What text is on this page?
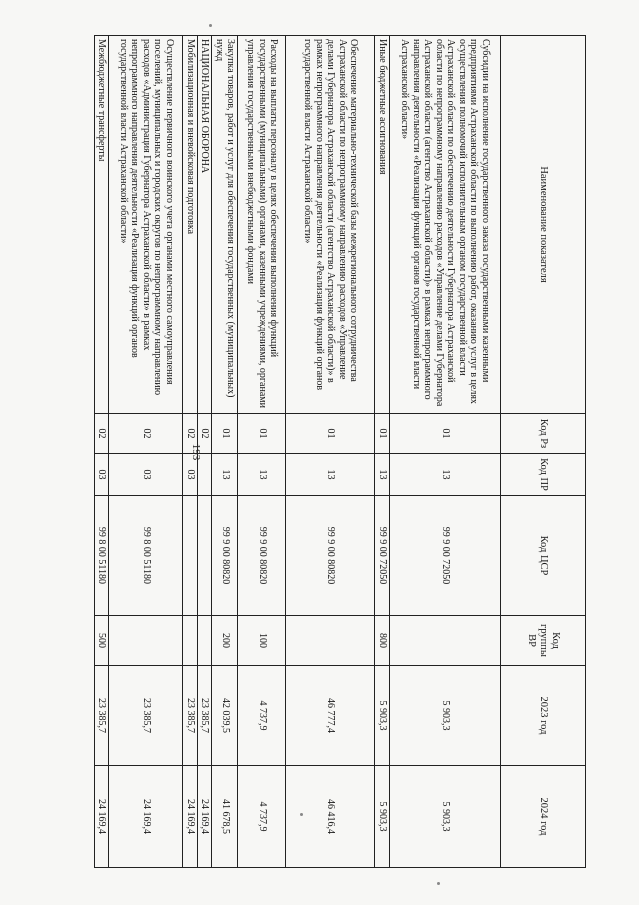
193
Наименование показателя	Код Рз	Код ПР	Код ЦСР	Код группы ВР	2023 год	2024 год
Субсидии на исполнение государственного заказа государственными казенными предприятиями Астраханской области по выполнению работ, оказанию услуг в целях осуществления полномочий исполнительным органом государственной власти Астраханской области по обеспечению деятельности Губернатора Астраханской области по непрограммному направлению расходов «Управление делами Губернатора Астраханской области (агентство Астраханской области)» в рамках непрограммного направления деятельности «Реализация функций органов государственной власти Астраханской области»	01	13	99 9 00 72050		5 903,3	5 903,3
Иные бюджетные ассигнования	01	13	99 9 00 72050	800	5 903,3	5 903,3
Обеспечение материально-технической базы межрегионального сотрудничества Астраханской области по непрограммному направлению расходов «Управление делами Губернатора Астраханской области (агентство Астраханской области)» в рамках непрограммного направления деятельности «Реализация функций органов государственной власти Астраханской области»	01	13	99 9 00 80820		46 777,4	46 416,4
Расходы на выплаты персоналу в целях обеспечения выполнения функций государственными (муниципальными) органами, казенными учреждениями, органами управления государственными внебюджетными фондами	01	13	99 9 00 80820	100	4 737,9	4 737,9
Закупка товаров, работ и услуг для обеспечения государственных (муниципальных) нужд	01	13	99 9 00 80820	200	42 039,5	41 678,5
НАЦИОНАЛЬНАЯ ОБОРОНА	02				23 385,7	24 169,4
Мобилизационная и вневойсковая подготовка	02	03			23 385,7	24 169,4
Осуществление первичного воинского учета органами местного самоуправления поселений, муниципальных и городских округов по непрограммному направлению расходов «Администрация Губернатора Астраханской области» в рамках непрограммного направления деятельности «Реализация функций органов государственной власти Астраханской области»	02	03	99 8 00 51180		23 385,7	24 169,4
Межбюджетные трансферты	02	03	99 8 00 51180	500	23 385,7	24 169,4
